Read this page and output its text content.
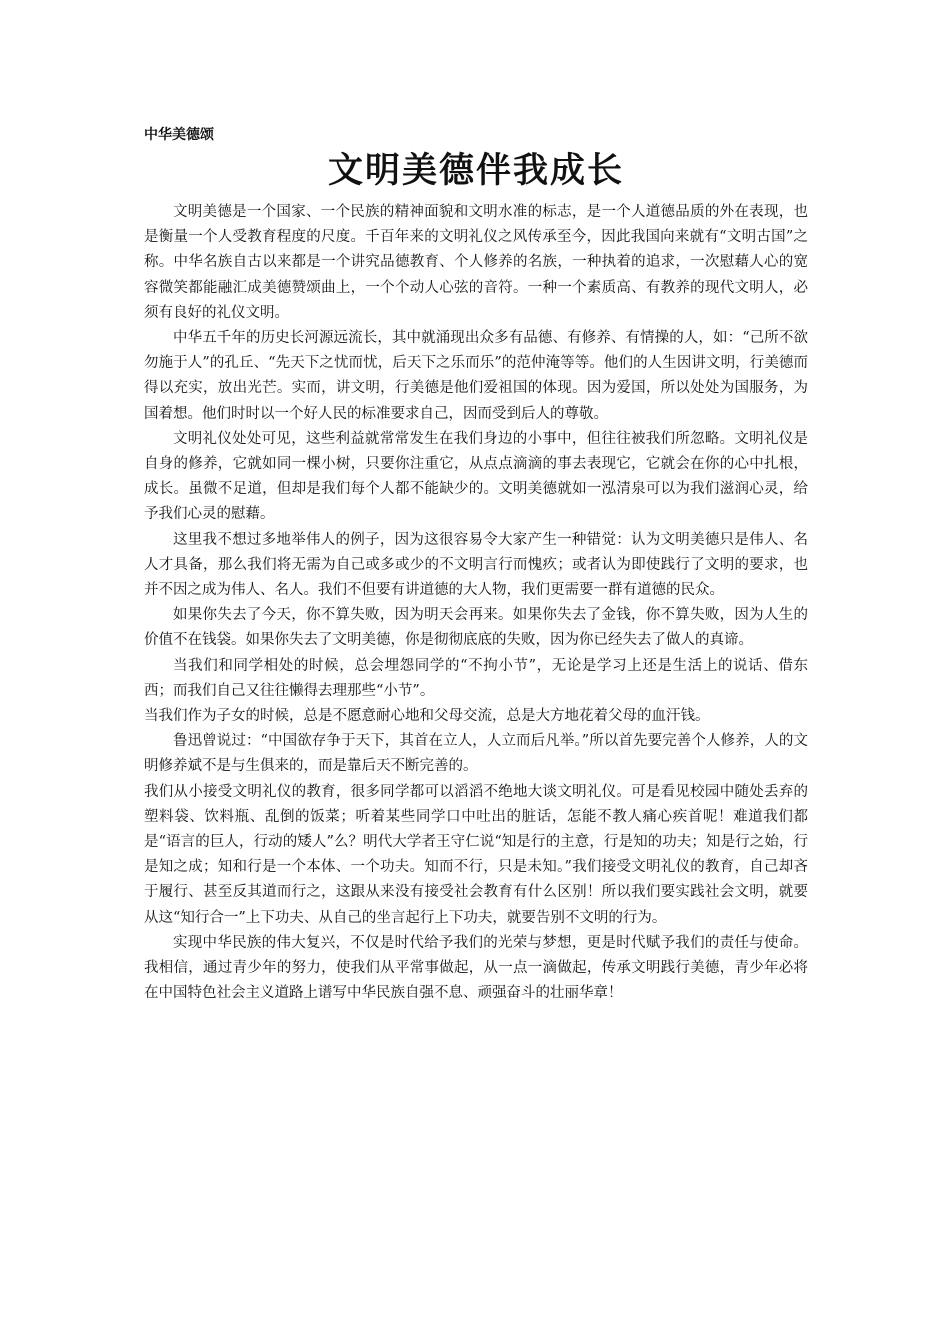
中华美德颂

文明美德伴我成长

文明美德是一个国家、一个民族的精神面貌和文明水准的标志，是一个人道德品质的外在表现，也是衡量一个人受教育程度的尺度。千百年来的文明礼仪之风传承至今，因此我国向来就有“文明古国”之称。中华名族自古以来都是一个讲究品德教育、个人修养的名族，一种执着的追求，一次慰藉人心的宽容微笑都能融汇成美德赞颂曲上，一个个动人心弦的音符。一种一个素质高、有教养的现代文明人，必须有良好的礼仪文明。

中华五千年的历史长河源远流长，其中就涌现出众多有品德、有修养、有情操的人，如：“己所不欲勿施于人”的孔丘、“先天下之忧而忧，后天下之乐而乐”的范仲淹等等。他们的人生因讲文明，行美德而得以充实，放出光芒。实而，讲文明，行美德是他们爱祖国的体现。因为爱国，所以处处为国服务，为国着想。他们时时以一个好人民的标准要求自己，因而受到后人的尊敬。

文明礼仪处处可见，这些利益就常常发生在我们身边的小事中，但往往被我们所忽略。文明礼仪是自身的修养，它就如同一棵小树，只要你注重它，从点点滴滴的事去表现它，它就会在你的心中扎根，成长。虽微不足道，但却是我们每个人都不能缺少的。文明美德就如一泓清泉可以为我们滋润心灵，给予我们心灵的慰藉。

这里我不想过多地举伟人的例子，因为这很容易令大家产生一种错觉：认为文明美德只是伟人、名人才具备，那么我们将无需为自己或多或少的不文明言行而愧疚；或者认为即使践行了文明的要求，也并不因之成为伟人、名人。我们不但要有讲道德的大人物，我们更需要一群有道德的民众。

如果你失去了今天，你不算失败，因为明天会再来。如果你失去了金钱，你不算失败，因为人生的价值不在钱袋。如果你失去了文明美德，你是彻彻底底的失败，因为你已经失去了做人的真谛。

当我们和同学相处的时候，总会埋怨同学的“不拘小节”，无论是学习上还是生活上的说话、借东西；而我们自己又往往懒得去理那些“小节”。

当我们作为子女的时候，总是不愿意耐心地和父母交流，总是大方地花着父母的血汗钱。

鲁迅曾说过：“中国欲存争于天下，其首在立人，人立而后凡举。”所以首先要完善个人修养，人的文明修养斌不是与生俱来的，而是靠后天不断完善的。

我们从小接受文明礼仪的教育，很多同学都可以滔滔不绝地大谈文明礼仪。可是看见校园中随处丢弃的塑料袋、饮料瓶、乱倒的饭菜；听着某些同学口中吐出的脏话，怎能不教人痛心疾首呢！难道我们都是“语言的巨人，行动的矮人”么？明代大学者王守仁说“知是行的主意，行是知的功夫；知是行之始，行是知之成；知和行是一个本体、一个功夫。知而不行，只是未知。”我们接受文明礼仪的教育，自己却吝于履行、甚至反其道而行之，这跟从来没有接受社会教育有什么区别！所以我们要实践社会文明，就要从这“知行合一”上下功夫、从自己的坐言起行上下功夫，就要告别不文明的行为。

实现中华民族的伟大复兴，不仅是时代给予我们的光荣与梦想，更是时代赋予我们的责任与使命。我相信，通过青少年的努力，使我们从平常事做起，从一点一滴做起，传承文明践行美德，青少年必将在中国特色社会主义道路上谱写中华民族自强不息、顽强奋斗的壮丽华章！
